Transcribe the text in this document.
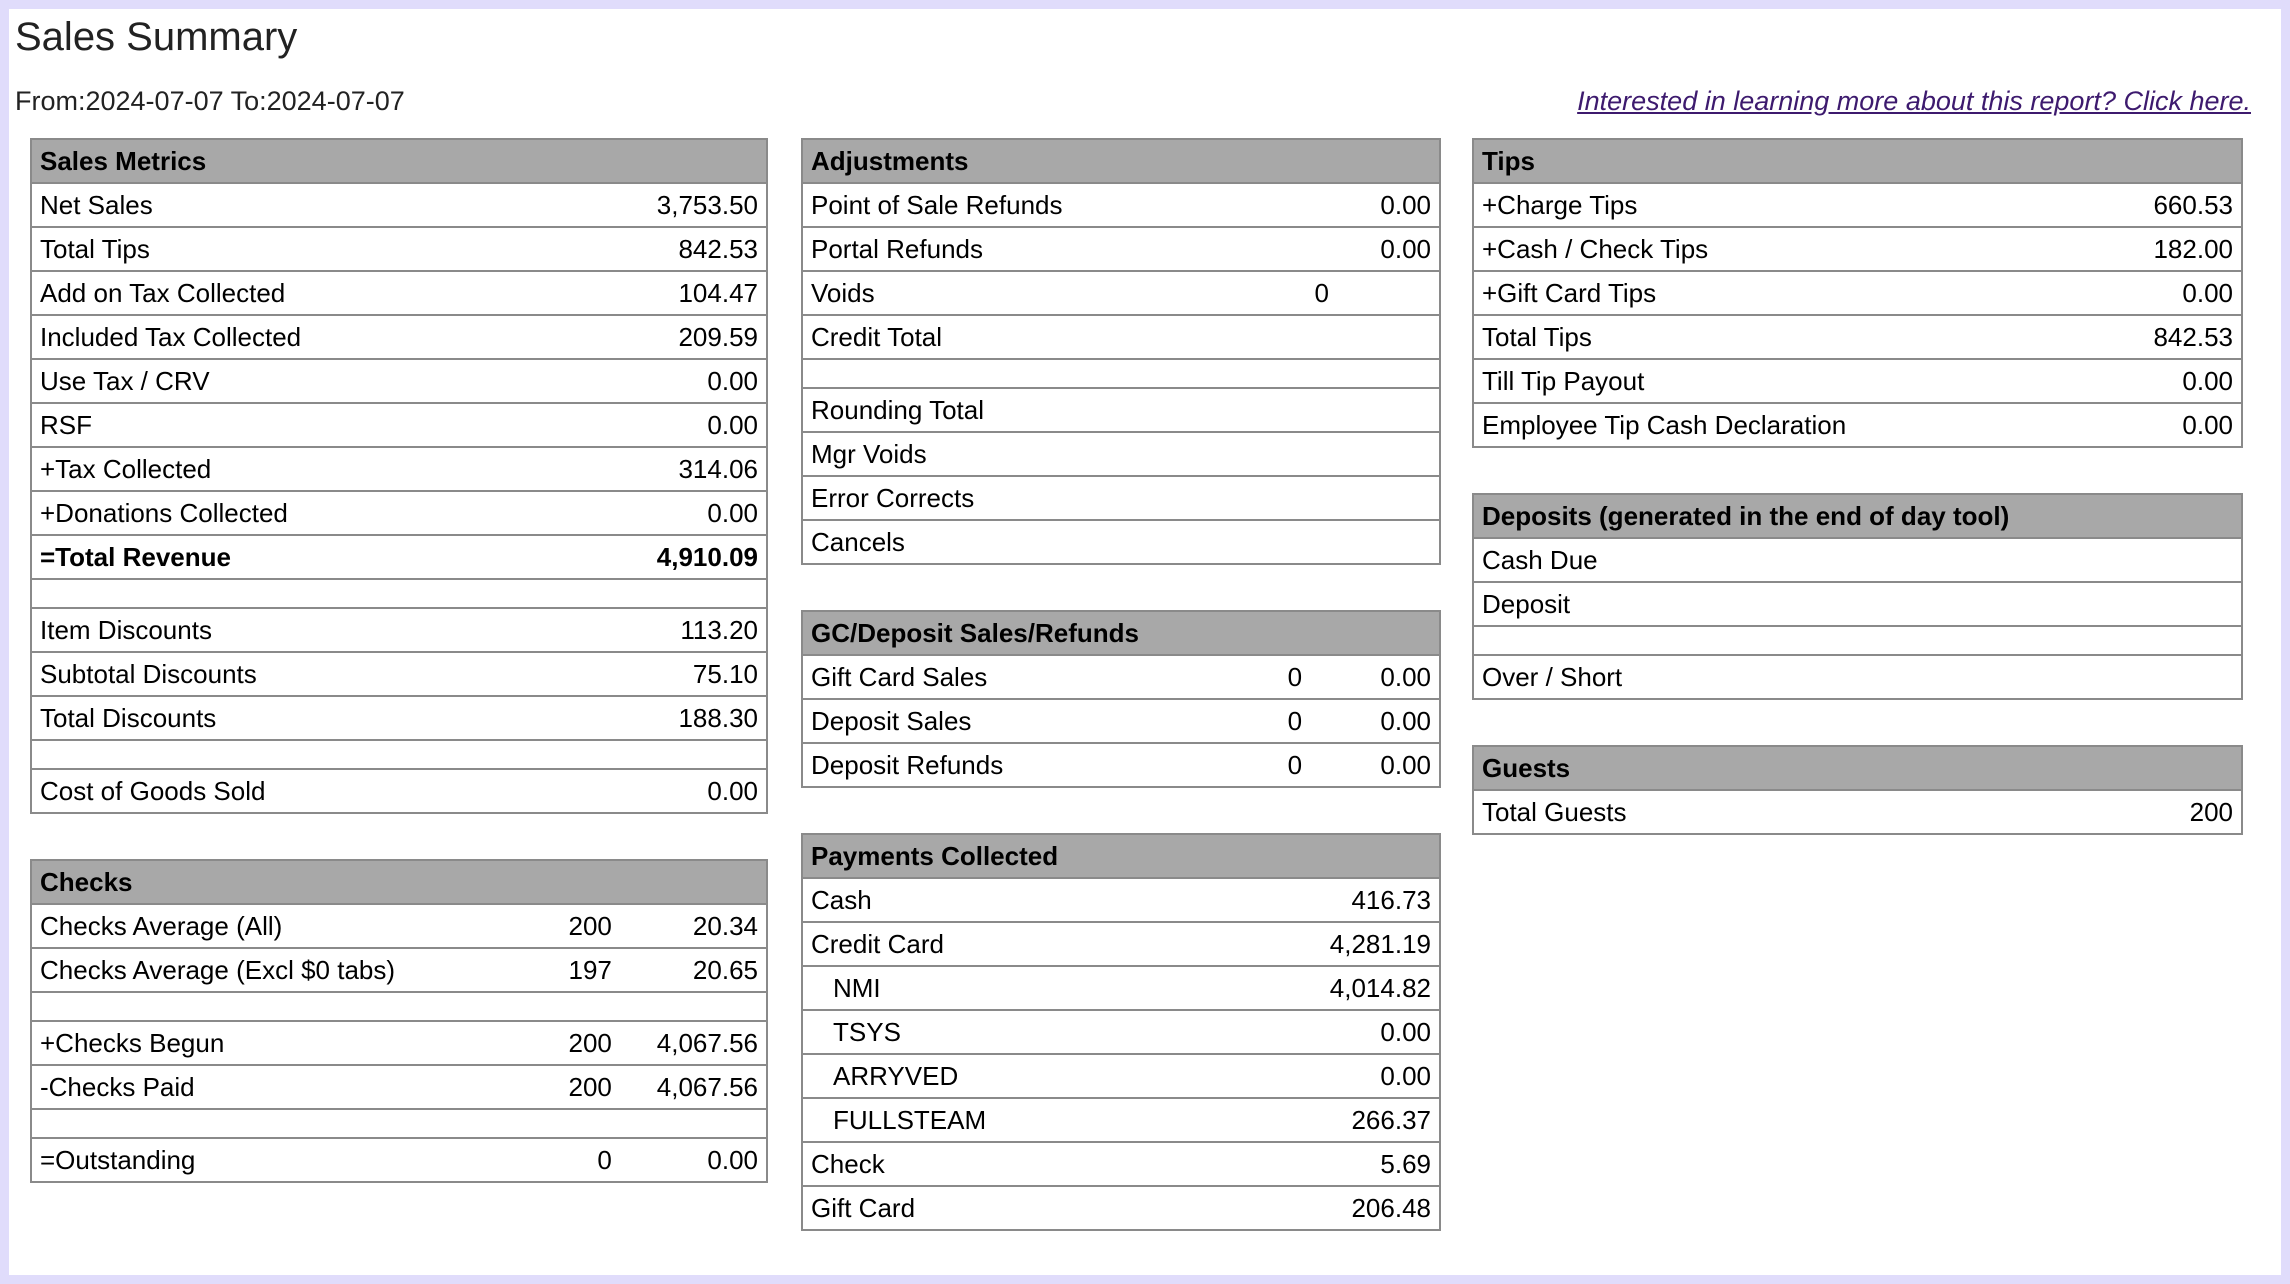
Sales Summary
From:2024-07-07 To:2024-07-07	Interested in learning more about this report? Click here.
Sales Metrics	
Net Sales	3,753.50
Total Tips	842.53
Add on Tax Collected	104.47
Included Tax Collected	209.59
Use Tax / CRV	0.00
RSF	0.00
+Tax Collected	314.06
+Donations Collected	0.00
=Total Revenue	4,910.09

Item Discounts	113.20
Subtotal Discounts	75.10
Total Discounts	188.30

Cost of Goods Sold	0.00
Checks		
Checks Average (All)	200	20.34
Checks Average (Excl $0 tabs)	197	20.65

+Checks Begun	200	4,067.56
-Checks Paid	200	4,067.56

=Outstanding	0	0.00
Adjustments		
Point of Sale Refunds		0.00
Portal Refunds		0.00
Voids	0	
Credit Total		

Rounding Total		
Mgr Voids		
Error Corrects		
Cancels		
GC/Deposit Sales/Refunds		
Gift Card Sales	0	0.00
Deposit Sales	0	0.00
Deposit Refunds	0	0.00
Payments Collected	
Cash	416.73
Credit Card	4,281.19
NMI	4,014.82
TSYS	0.00
ARRYVED	0.00
FULLSTEAM	266.37
Check	5.69
Gift Card	206.48
Tips	
+Charge Tips	660.53
+Cash / Check Tips	182.00
+Gift Card Tips	0.00
Total Tips	842.53
Till Tip Payout	0.00
Employee Tip Cash Declaration	0.00
Deposits (generated in the end of day tool)	
Cash Due	
Deposit	

Over / Short	
Guests
Total Guests	200
